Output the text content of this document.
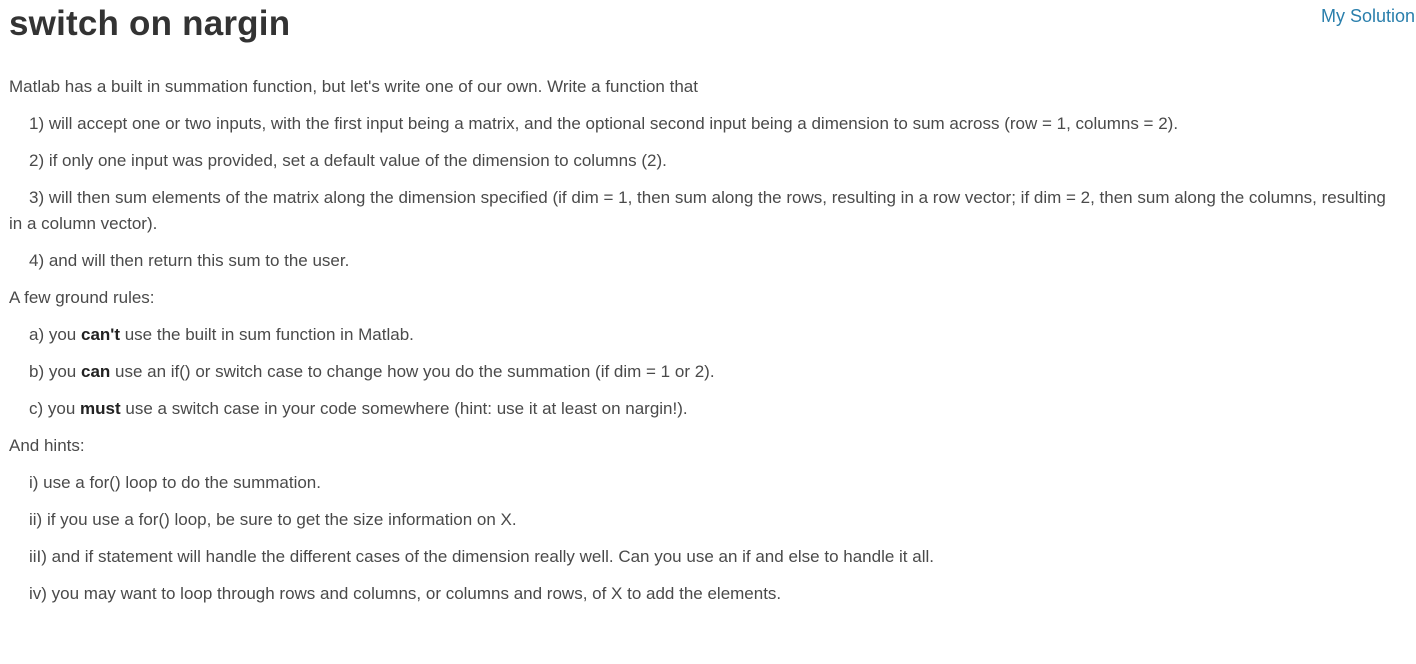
switch on nargin	My Solution

Matlab has a built in summation function, but let's write one of our own. Write a function that

1) will accept one or two inputs, with the first input being a matrix, and the optional second input being a dimension to sum across (row = 1, columns = 2).

2) if only one input was provided, set a default value of the dimension to columns (2).

3) will then sum elements of the matrix along the dimension specified (if dim = 1, then sum along the rows, resulting in a row vector; if dim = 2, then sum along the columns, resulting in a column vector).

4) and will then return this sum to the user.

A few ground rules:

a) you can't use the built in sum function in Matlab.

b) you can use an if() or switch case to change how you do the summation (if dim = 1 or 2).

c) you must use a switch case in your code somewhere (hint: use it at least on nargin!).

And hints:

i) use a for() loop to do the summation.

ii) if you use a for() loop, be sure to get the size information on X.

iiI) and if statement will handle the different cases of the dimension really well. Can you use an if and else to handle it all.

iv) you may want to loop through rows and columns, or columns and rows, of X to add the elements.
